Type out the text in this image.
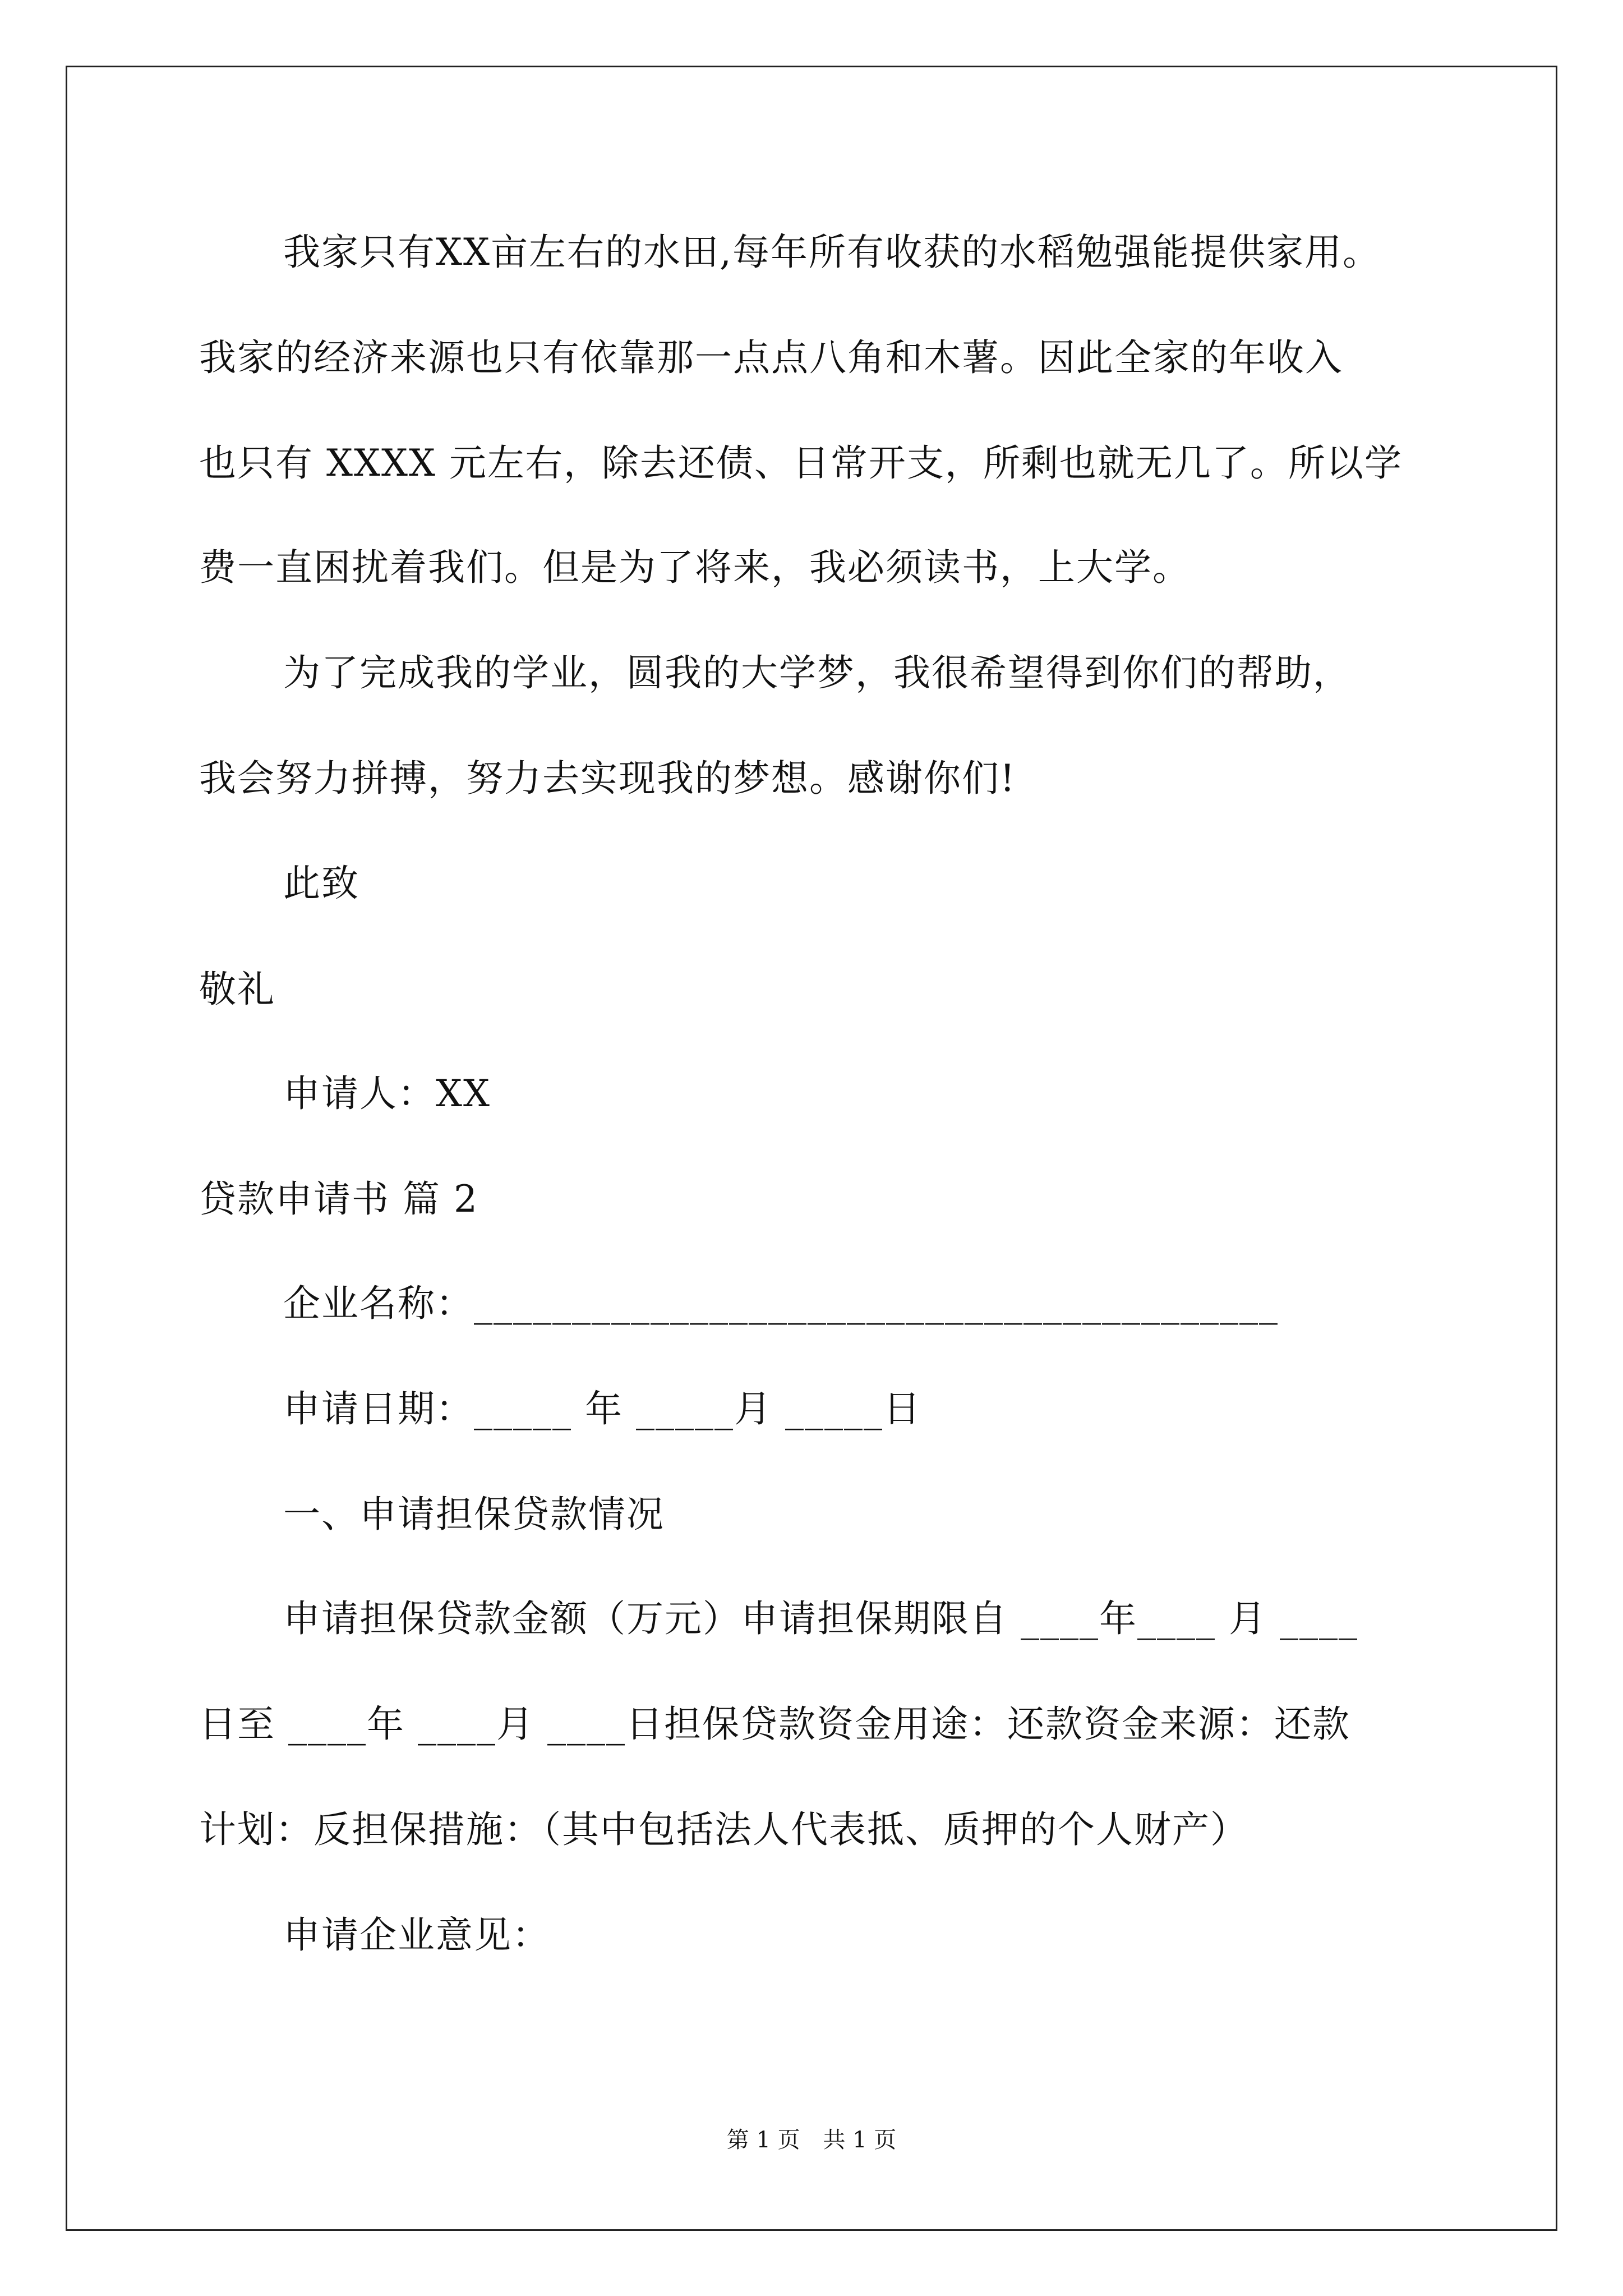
我家只有XX亩左右的水田,每年所有收获的水稻勉强能提供家用。
我家的经济来源也只有依靠那一点点八角和木薯。因此全家的年收入
也只有 XXXX 元左右，除去还债、日常开支，所剩也就无几了。所以学
费一直困扰着我们。但是为了将来，我必须读书，上大学。
为了完成我的学业，圆我的大学梦，我很希望得到你们的帮助，
我会努力拼搏，努力去实现我的梦想。感谢你们!
此致
敬礼
申请人：XX
贷款申请书 篇 2
企业名称：_________________________________________
申请日期：_____ 年 _____月 _____日
一、申请担保贷款情况
申请担保贷款金额（万元）申请担保期限自 ____年____ 月 ____
日至 ____年 ____月 ____日担保贷款资金用途：还款资金来源：还款
计划：反担保措施：（其中包括法人代表抵、质押的个人财产）
申请企业意见：
第 1 页 共 1 页
